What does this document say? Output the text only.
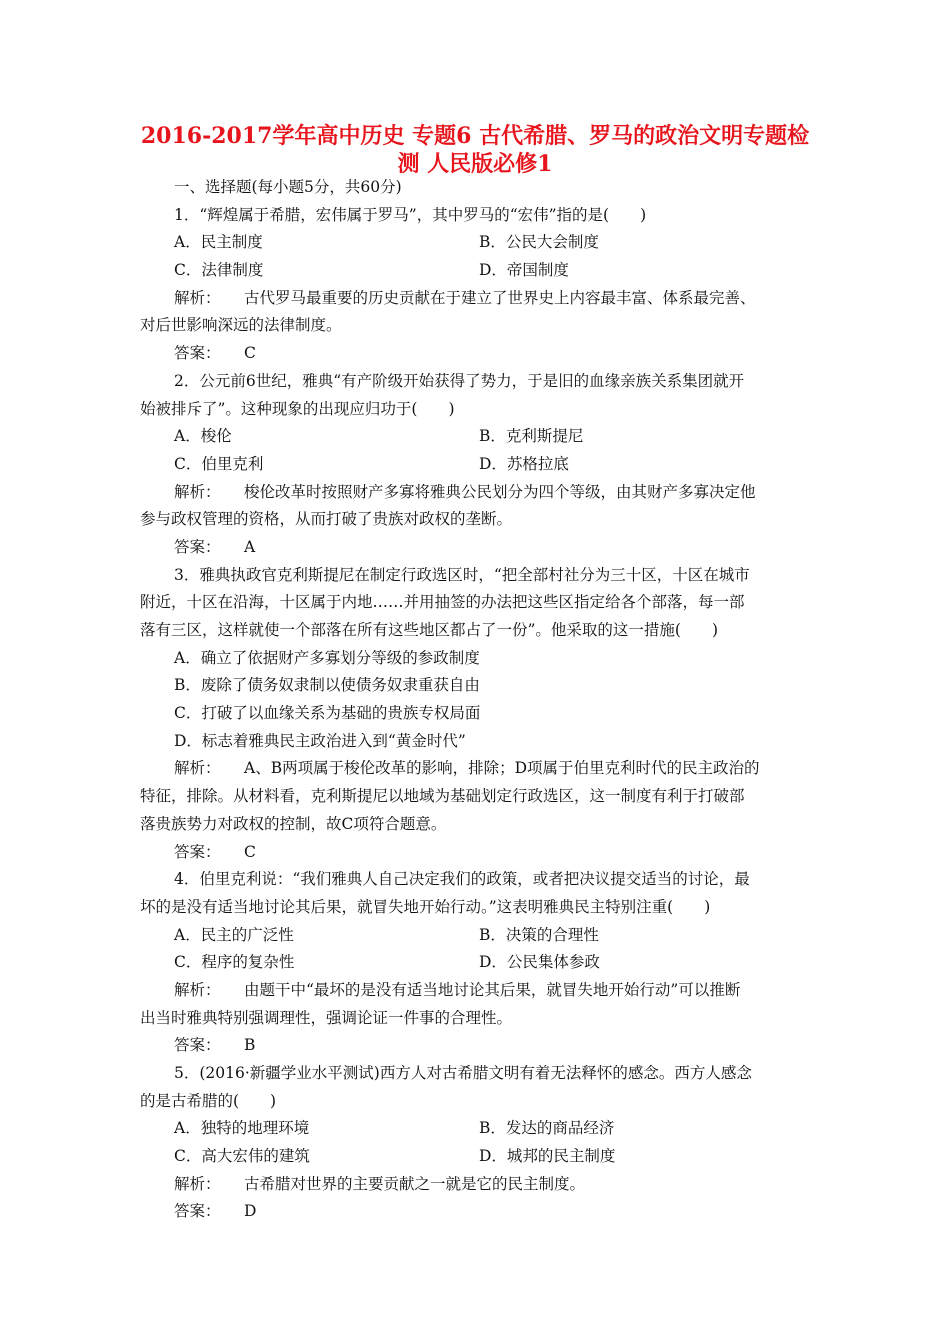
2016-2017学年高中历史 专题6 古代希腊、罗马的政治文明专题检
测 人民版必修1
一、选择题(每小题5分，共60分)
1．“辉煌属于希腊，宏伟属于罗马”，其中罗马的“宏伟”指的是(　　)
A．民主制度	B．公民大会制度
C．法律制度	D．帝国制度
解析： 古代罗马最重要的历史贡献在于建立了世界史上内容最丰富、体系最完善、
对后世影响深远的法律制度。
答案： C
2．公元前6世纪，雅典“有产阶级开始获得了势力，于是旧的血缘亲族关系集团就开
始被排斥了”。这种现象的出现应归功于(　　)
A．梭伦	B．克利斯提尼
C．伯里克利	D．苏格拉底
解析： 梭伦改革时按照财产多寡将雅典公民划分为四个等级，由其财产多寡决定他
参与政权管理的资格，从而打破了贵族对政权的垄断。
答案： A
3．雅典执政官克利斯提尼在制定行政选区时，“把全部村社分为三十区，十区在城市
附近，十区在沿海，十区属于内地……并用抽签的办法把这些区指定给各个部落，每一部
落有三区，这样就使一个部落在所有这些地区都占了一份”。他采取的这一措施(　　)
A．确立了依据财产多寡划分等级的参政制度
B．废除了债务奴隶制以使债务奴隶重获自由
C．打破了以血缘关系为基础的贵族专权局面
D．标志着雅典民主政治进入到“黄金时代”
解析： A、B两项属于梭伦改革的影响，排除；D项属于伯里克利时代的民主政治的
特征，排除。从材料看，克利斯提尼以地域为基础划定行政选区，这一制度有利于打破部
落贵族势力对政权的控制，故C项符合题意。
答案： C
4．伯里克利说：“我们雅典人自己决定我们的政策，或者把决议提交适当的讨论，最
坏的是没有适当地讨论其后果，就冒失地开始行动。”这表明雅典民主特别注重(　　)
A．民主的广泛性	B．决策的合理性
C．程序的复杂性	D．公民集体参政
解析： 由题干中“最坏的是没有适当地讨论其后果，就冒失地开始行动”可以推断
出当时雅典特别强调理性，强调论证一件事的合理性。
答案： B
5．(2016·新疆学业水平测试)西方人对古希腊文明有着无法释怀的感念。西方人感念
的是古希腊的(　　)
A．独特的地理环境	B．发达的商品经济
C．高大宏伟的建筑	D．城邦的民主制度
解析： 古希腊对世界的主要贡献之一就是它的民主制度。
答案： D
